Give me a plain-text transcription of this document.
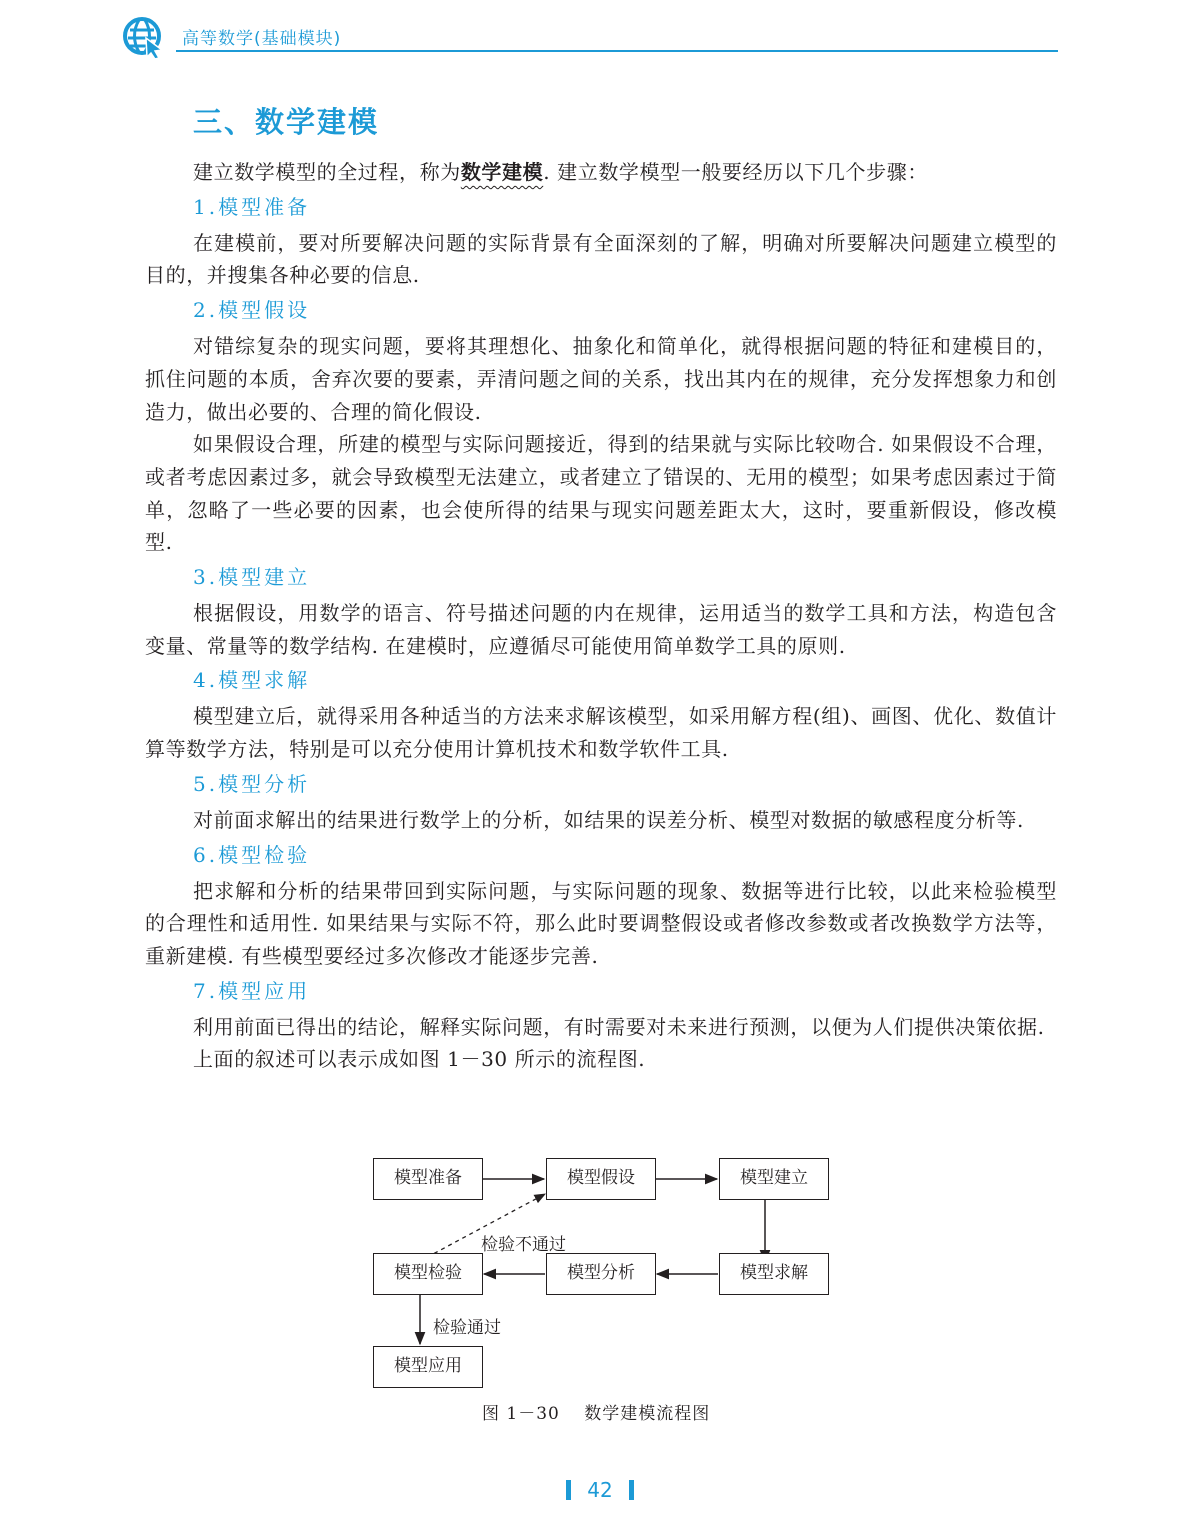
高等数学(基础模块)
三、数学建模

建立数学模型的全过程，称为数学建模. 建立数学模型一般要经历以下几个步骤：

1.模型准备

在建模前，要对所要解决问题的实际背景有全面深刻的了解，明确对所要解决问题建立模型的目的，并搜集各种必要的信息.

2.模型假设

对错综复杂的现实问题，要将其理想化、抽象化和简单化，就得根据问题的特征和建模目的，抓住问题的本质，舍弃次要的要素，弄清问题之间的关系，找出其内在的规律，充分发挥想象力和创造力，做出必要的、合理的简化假设.

如果假设合理，所建的模型与实际问题接近，得到的结果就与实际比较吻合. 如果假设不合理，或者考虑因素过多，就会导致模型无法建立，或者建立了错误的、无用的模型；如果考虑因素过于简单，忽略了一些必要的因素，也会使所得的结果与现实问题差距太大，这时，要重新假设，修改模型.

3.模型建立

根据假设，用数学的语言、符号描述问题的内在规律，运用适当的数学工具和方法，构造包含变量、常量等的数学结构. 在建模时，应遵循尽可能使用简单数学工具的原则.

4.模型求解

模型建立后，就得采用各种适当的方法来求解该模型，如采用解方程(组)、画图、优化、数值计算等数学方法，特别是可以充分使用计算机技术和数学软件工具.

5.模型分析

对前面求解出的结果进行数学上的分析，如结果的误差分析、模型对数据的敏感程度分析等.

6.模型检验

把求解和分析的结果带回到实际问题，与实际问题的现象、数据等进行比较，以此来检验模型的合理性和适用性. 如果结果与实际不符，那么此时要调整假设或者修改参数或者改换数学方法等，重新建模. 有些模型要经过多次修改才能逐步完善.

7.模型应用

利用前面已得出的结论，解释实际问题，有时需要对未来进行预测，以便为人们提供决策依据.

上面的叙述可以表示成如图 1－30 所示的流程图.

模型准备	模型假设	模型建立
模型求解
模型分析
模型检验
模型应用
检验不通过
检验通过
图 1－30　 数学建模流程图
42
